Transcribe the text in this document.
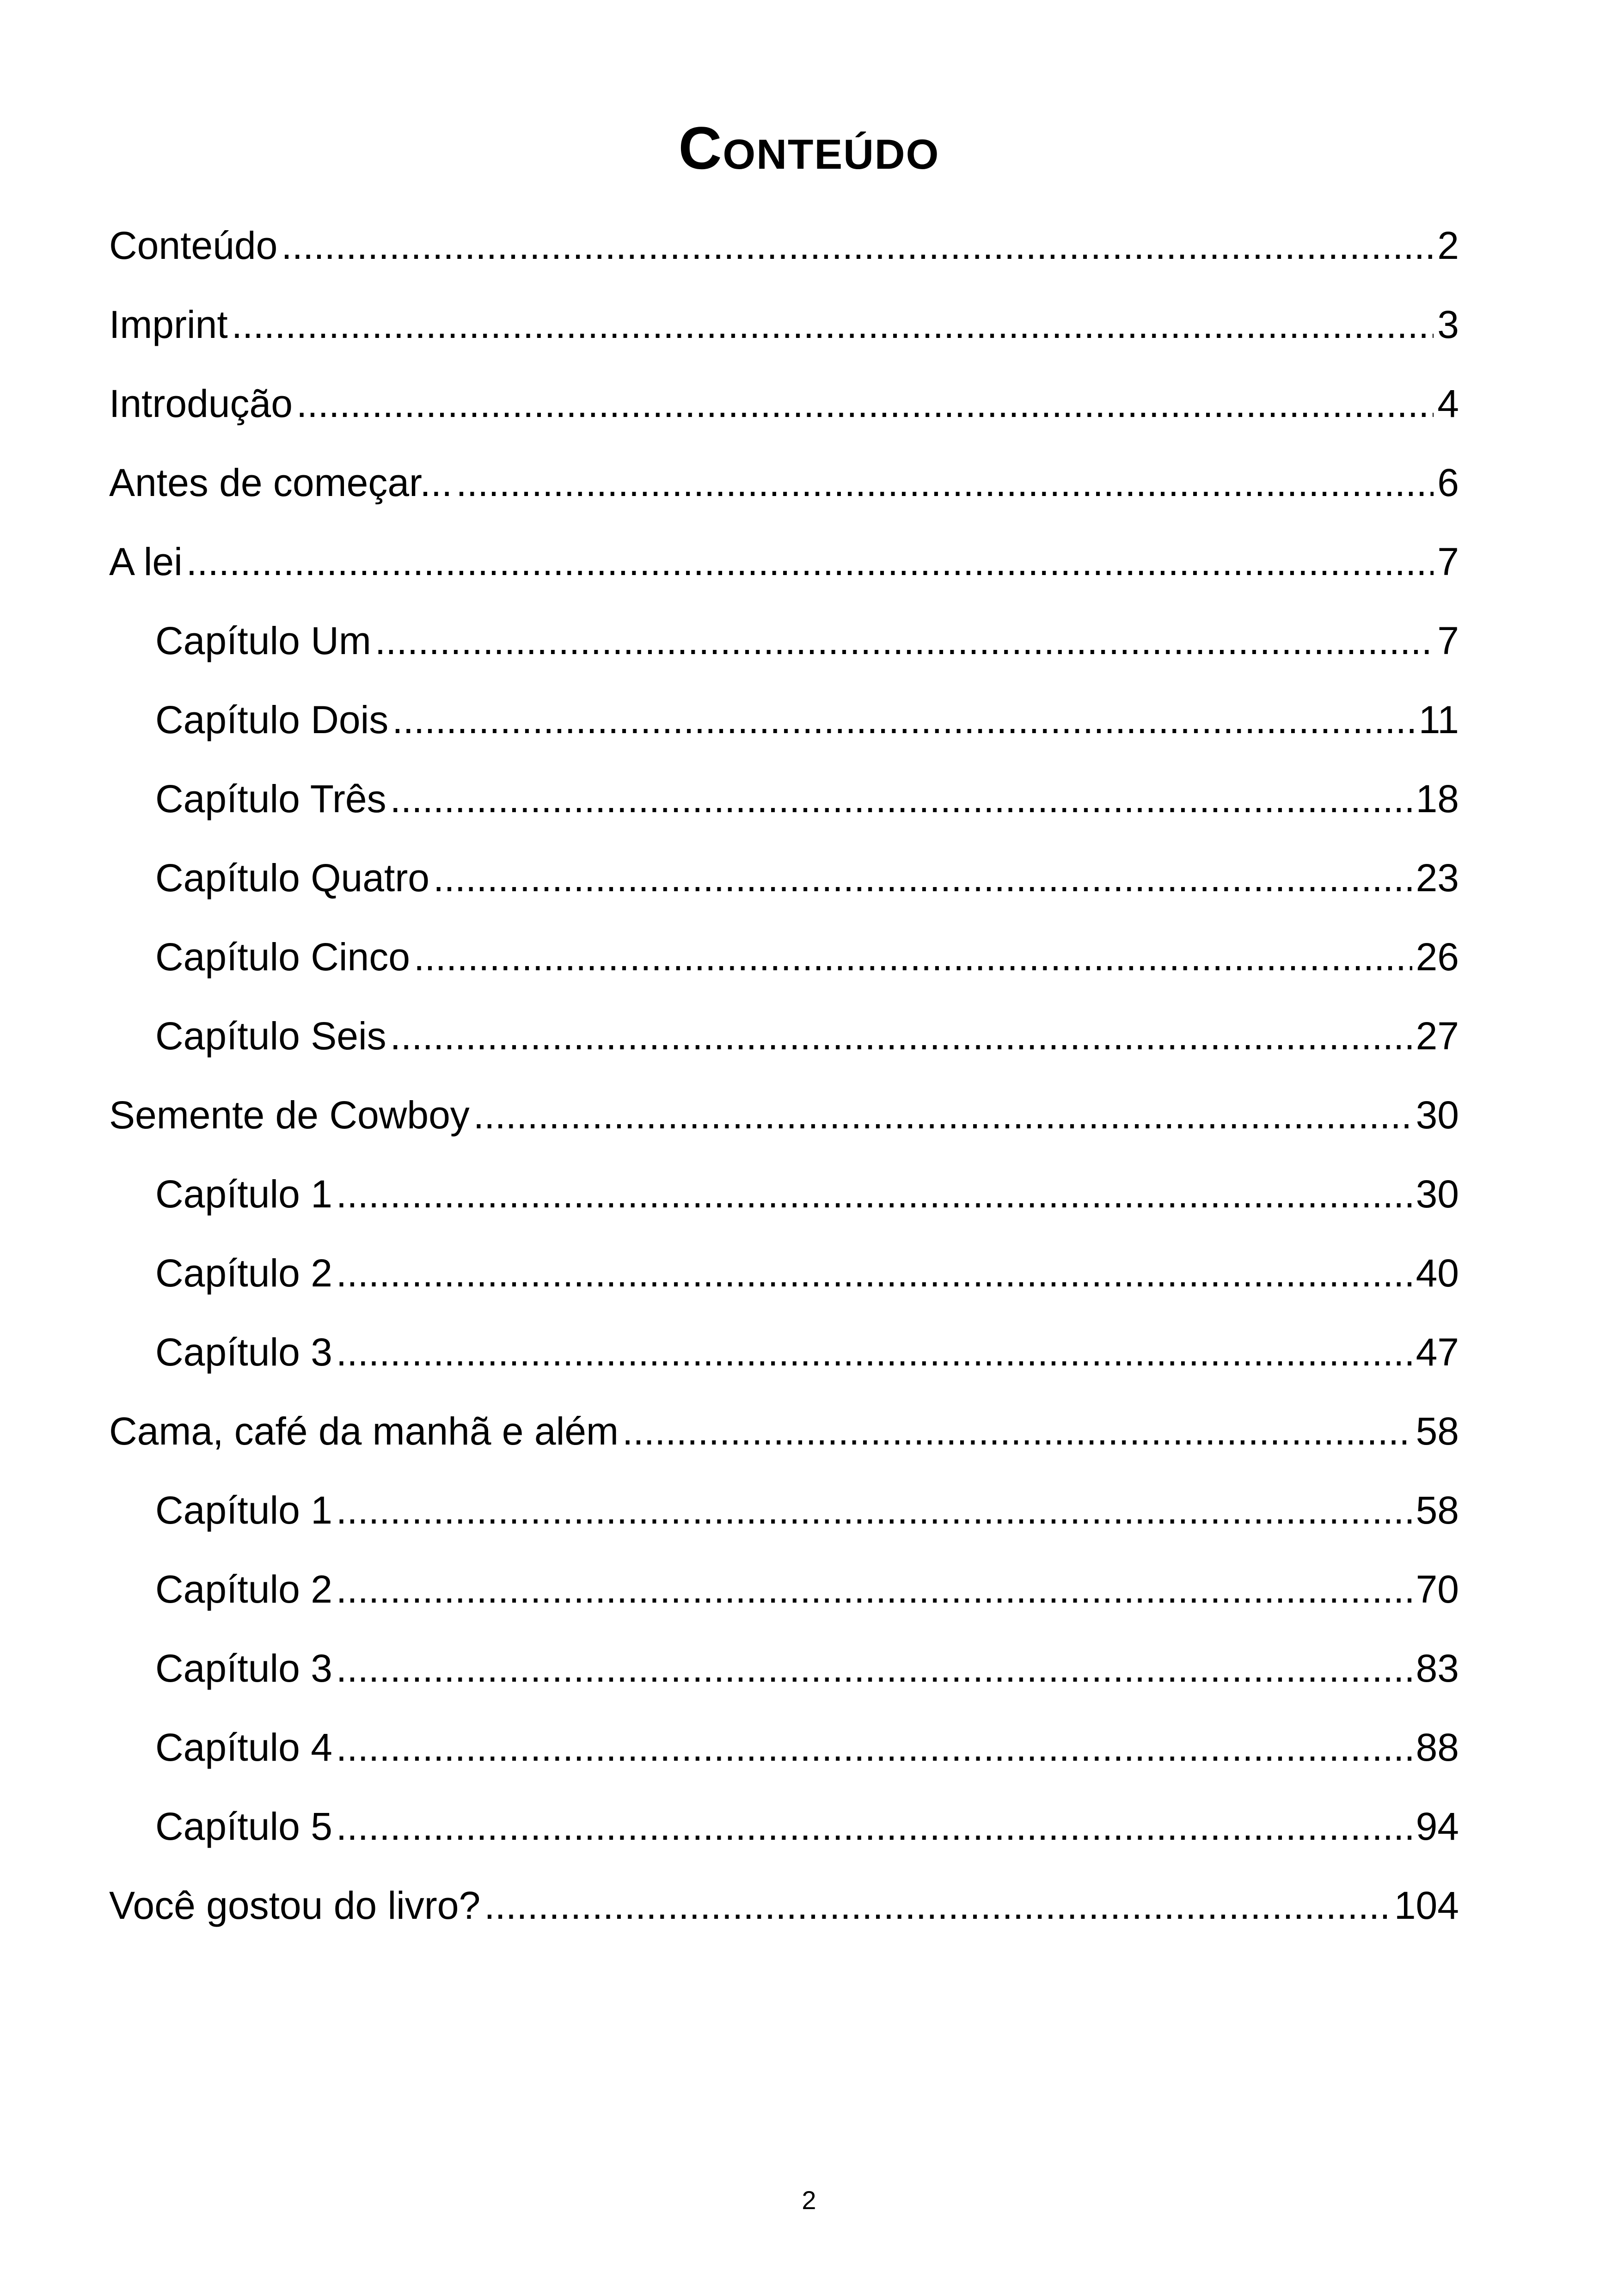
Conteúdo
Conteúdo .....	2
Imprint .....	3
Introdução .....	4
Antes de começar... .....	6
A lei .....	7
Capítulo Um .....	7
Capítulo Dois .....	11
Capítulo Três .....	18
Capítulo Quatro .....	23
Capítulo Cinco .....	26
Capítulo Seis .....	27
Semente de Cowboy .....	30
Capítulo 1 .....	30
Capítulo 2 .....	40
Capítulo 3 .....	47
Cama, café da manhã e além .....	58
Capítulo 1 .....	58
Capítulo 2 .....	70
Capítulo 3 .....	83
Capítulo 4 .....	88
Capítulo 5 .....	94
Você gostou do livro? .....	104
2
